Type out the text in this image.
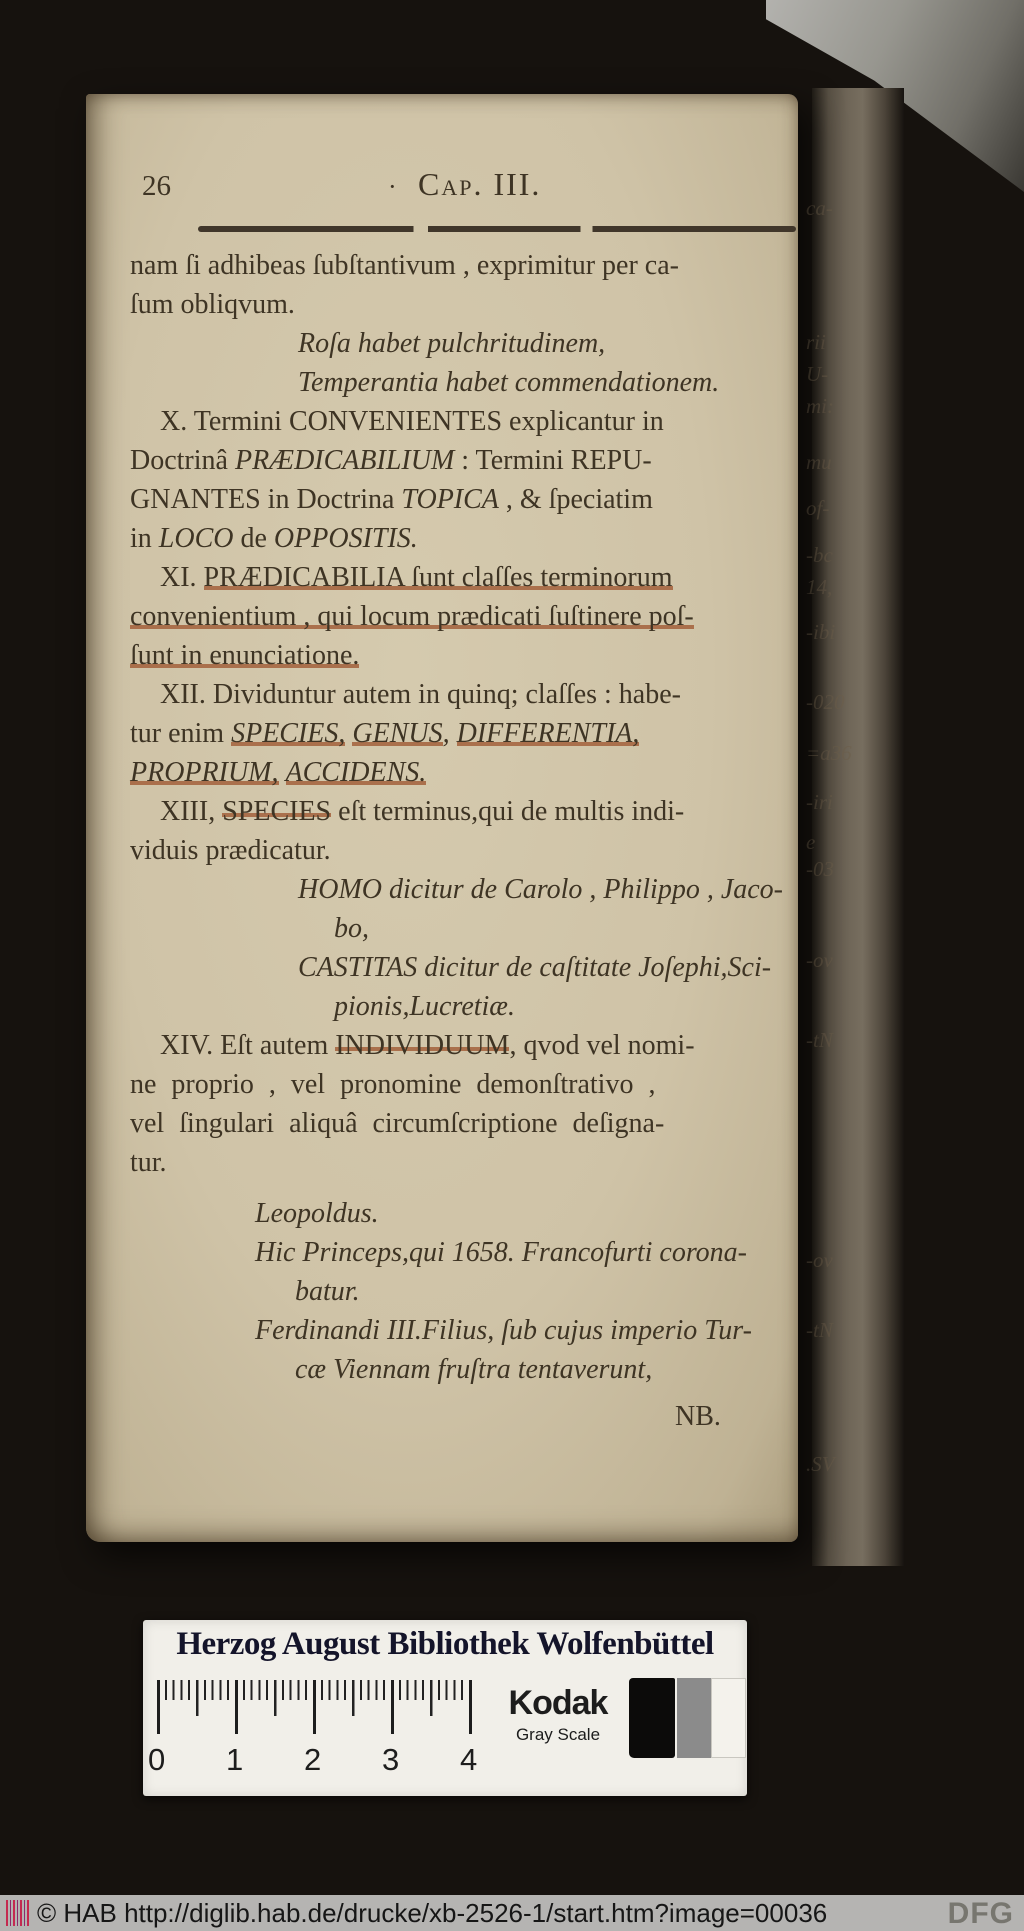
ca-
rii
U-
mi:
mu
of-
-bc
14,
-ibi
-020
=a36
-iri
e
-03
-ov
-tN
-ov
-tN
.SV
26	· Cap. III.
nam ſi adhibeas ſubſtantivum , exprimitur per ca-
ſum obliqvum.
Roſa habet pulchritudinem,
Temperantia habet commendationem.
X. Termini CONVENIENTES explicantur in
Doctrinâ PRÆDICABILIUM : Termini REPU-
GNANTES in Doctrina TOPICA , & ſpeciatim
in LOCO de OPPOSITIS.
XI. PRÆDICABILIA ſunt claſſes terminorum
convenientium , qui locum prædicati ſuſtinere poſ-
ſunt in enunciatione.
XII. Dividuntur autem in quinq; claſſes : habe-
tur enim SPECIES, GENUS, DIFFERENTIA,
PROPRIUM, ACCIDENS.
XIII, SPECIES eſt terminus,qui de multis indi-
viduis prædicatur.
HOMO dicitur de Carolo , Philippo , Jaco-
bo,
CASTITAS dicitur de caſtitate Joſephi,Sci-
pionis,Lucretiæ.
XIV. Eſt autem INDIVIDUUM, qvod vel nomi-
ne proprio , vel pronomine demonſtrativo ,
vel ſingulari aliquâ circumſcriptione deſigna-
tur.
Leopoldus.
Hic Princeps,qui 1658. Francofurti corona-
batur.
Ferdinandi III.Filius, ſub cujus imperio Tur-
cæ Viennam fruſtra tentaverunt,
NB.
Herzog August Bibliothek Wolfenbüttel
0 1 2 3 4
Kodak
Gray Scale
© HAB http://diglib.hab.de/drucke/xb-2526-1/start.htm?image=00036	DFG
